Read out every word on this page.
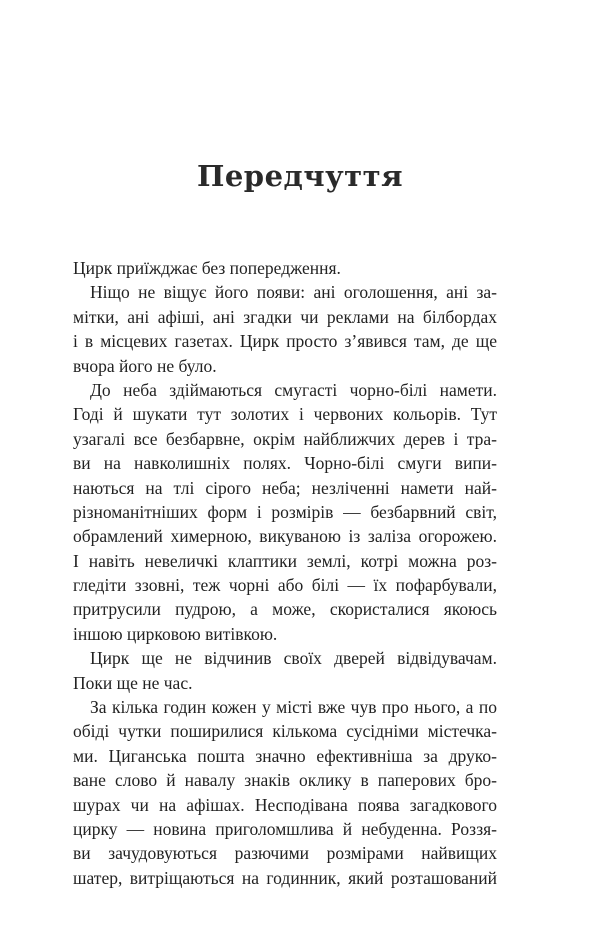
Передчуття
Цирк приїжджає без попередження.
Ніщо не віщує його появи: ані оголошення, ані за-
мітки, ані афіші, ані згадки чи реклами на білбордах
і в місцевих газетах. Цирк просто з’явився там, де ще
вчора його не було.
До неба здіймаються смугасті чорно-білі намети.
Годі й шукати тут золотих і червоних кольорів. Тут
узагалі все безбарвне, окрім найближчих дерев і тра-
ви на навколишніх полях. Чорно-білі смуги випи-
наються на тлі сірого неба; незліченні намети най-
різноманітніших форм і розмірів — безбарвний світ,
обрамлений химерною, викуваною із заліза огорожею.
І навіть невеличкі клаптики землі, котрі можна роз-
гледіти ззовні, теж чорні або білі — їх пофарбували,
притрусили пудрою, а може, скористалися якоюсь
іншою цирковою витівкою.
Цирк ще не відчинив своїх дверей відвідувачам.
Поки ще не час.
За кілька годин кожен у місті вже чув про нього, а по
обіді чутки поширилися кількома сусідніми містечка-
ми. Циганська пошта значно ефективніша за друко-
ване слово й навалу знаків оклику в паперових бро-
шурах чи на афішах. Несподівана поява загадкового
цирку — новина приголомшлива й небуденна. Роззя-
ви зачудовуються разючими розмірами найвищих
шатер, витріщаються на годинник, який розташований
